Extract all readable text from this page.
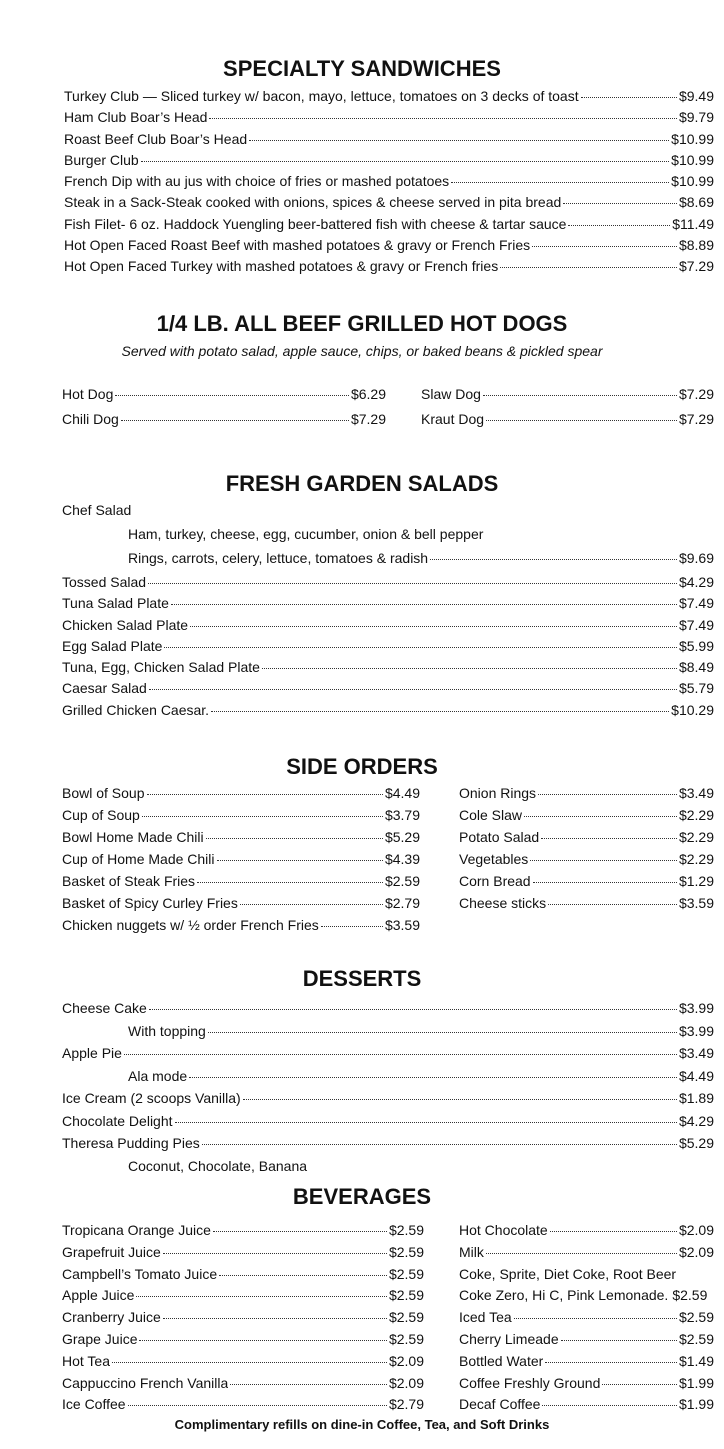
SPECIALTY SANDWICHES
Turkey Club — Sliced turkey w/ bacon, mayo, lettuce, tomatoes on 3 decks of toast	$9.49
Ham Club Boar’s Head	$9.79
Roast Beef Club Boar’s Head	$10.99
Burger Club	$10.99
French Dip with au jus with choice of fries or mashed potatoes	$10.99
Steak in a Sack-Steak cooked with onions, spices & cheese served in pita bread	$8.69
Fish Filet- 6 oz. Haddock Yuengling beer-battered fish with cheese & tartar sauce	$11.49
Hot Open Faced Roast Beef with mashed potatoes & gravy or French Fries	$8.89
Hot Open Faced Turkey with mashed potatoes & gravy or French fries	$7.29
1/4 LB. ALL BEEF GRILLED HOT DOGS
Served with potato salad, apple sauce, chips, or baked beans & pickled spear
Hot Dog	$6.29
Chili Dog	$7.29
Slaw Dog	$7.29
Kraut Dog	$7.29
FRESH GARDEN SALADS
Chef Salad
Ham, turkey, cheese, egg, cucumber, onion & bell pepper
Rings, carrots, celery, lettuce, tomatoes & radish	$9.69
Tossed Salad	$4.29
Tuna Salad Plate	$7.49
Chicken Salad Plate	$7.49
Egg Salad Plate	$5.99
Tuna, Egg, Chicken Salad Plate	$8.49
Caesar Salad	$5.79
Grilled Chicken Caesar.	$10.29
SIDE ORDERS
Bowl of Soup	$4.49
Cup of Soup	$3.79
Bowl Home Made Chili	$5.29
Cup of Home Made Chili	$4.39
Basket of Steak Fries	$2.59
Basket of Spicy Curley Fries	$2.79
Chicken nuggets w/ ½ order French Fries	$3.59
Onion Rings	$3.49
Cole Slaw	$2.29
Potato Salad	$2.29
Vegetables	$2.29
Corn Bread	$1.29
Cheese sticks	$3.59
DESSERTS
Cheese Cake	$3.99
With topping	$3.99
Apple Pie	$3.49
Ala mode	$4.49
Ice Cream (2 scoops Vanilla)	$1.89
Chocolate Delight	$4.29
Theresa Pudding Pies	$5.29
Coconut, Chocolate, Banana
BEVERAGES
Tropicana Orange Juice	$2.59
Grapefruit Juice	$2.59
Campbell’s Tomato Juice	$2.59
Apple Juice	$2.59
Cranberry Juice	$2.59
Grape Juice	$2.59
Hot Tea	$2.09
Cappuccino French Vanilla	$2.09
Ice Coffee	$2.79
Hot Chocolate	$2.09
Milk	$2.09
Coke, Sprite, Diet Coke, Root Beer
Coke Zero, Hi C, Pink Lemonade. $2.59
Iced Tea	$2.59
Cherry Limeade	$2.59
Bottled Water	$1.49
Coffee Freshly Ground	$1.99
Decaf Coffee	$1.99
Complimentary refills on dine-in Coffee, Tea, and Soft Drinks
